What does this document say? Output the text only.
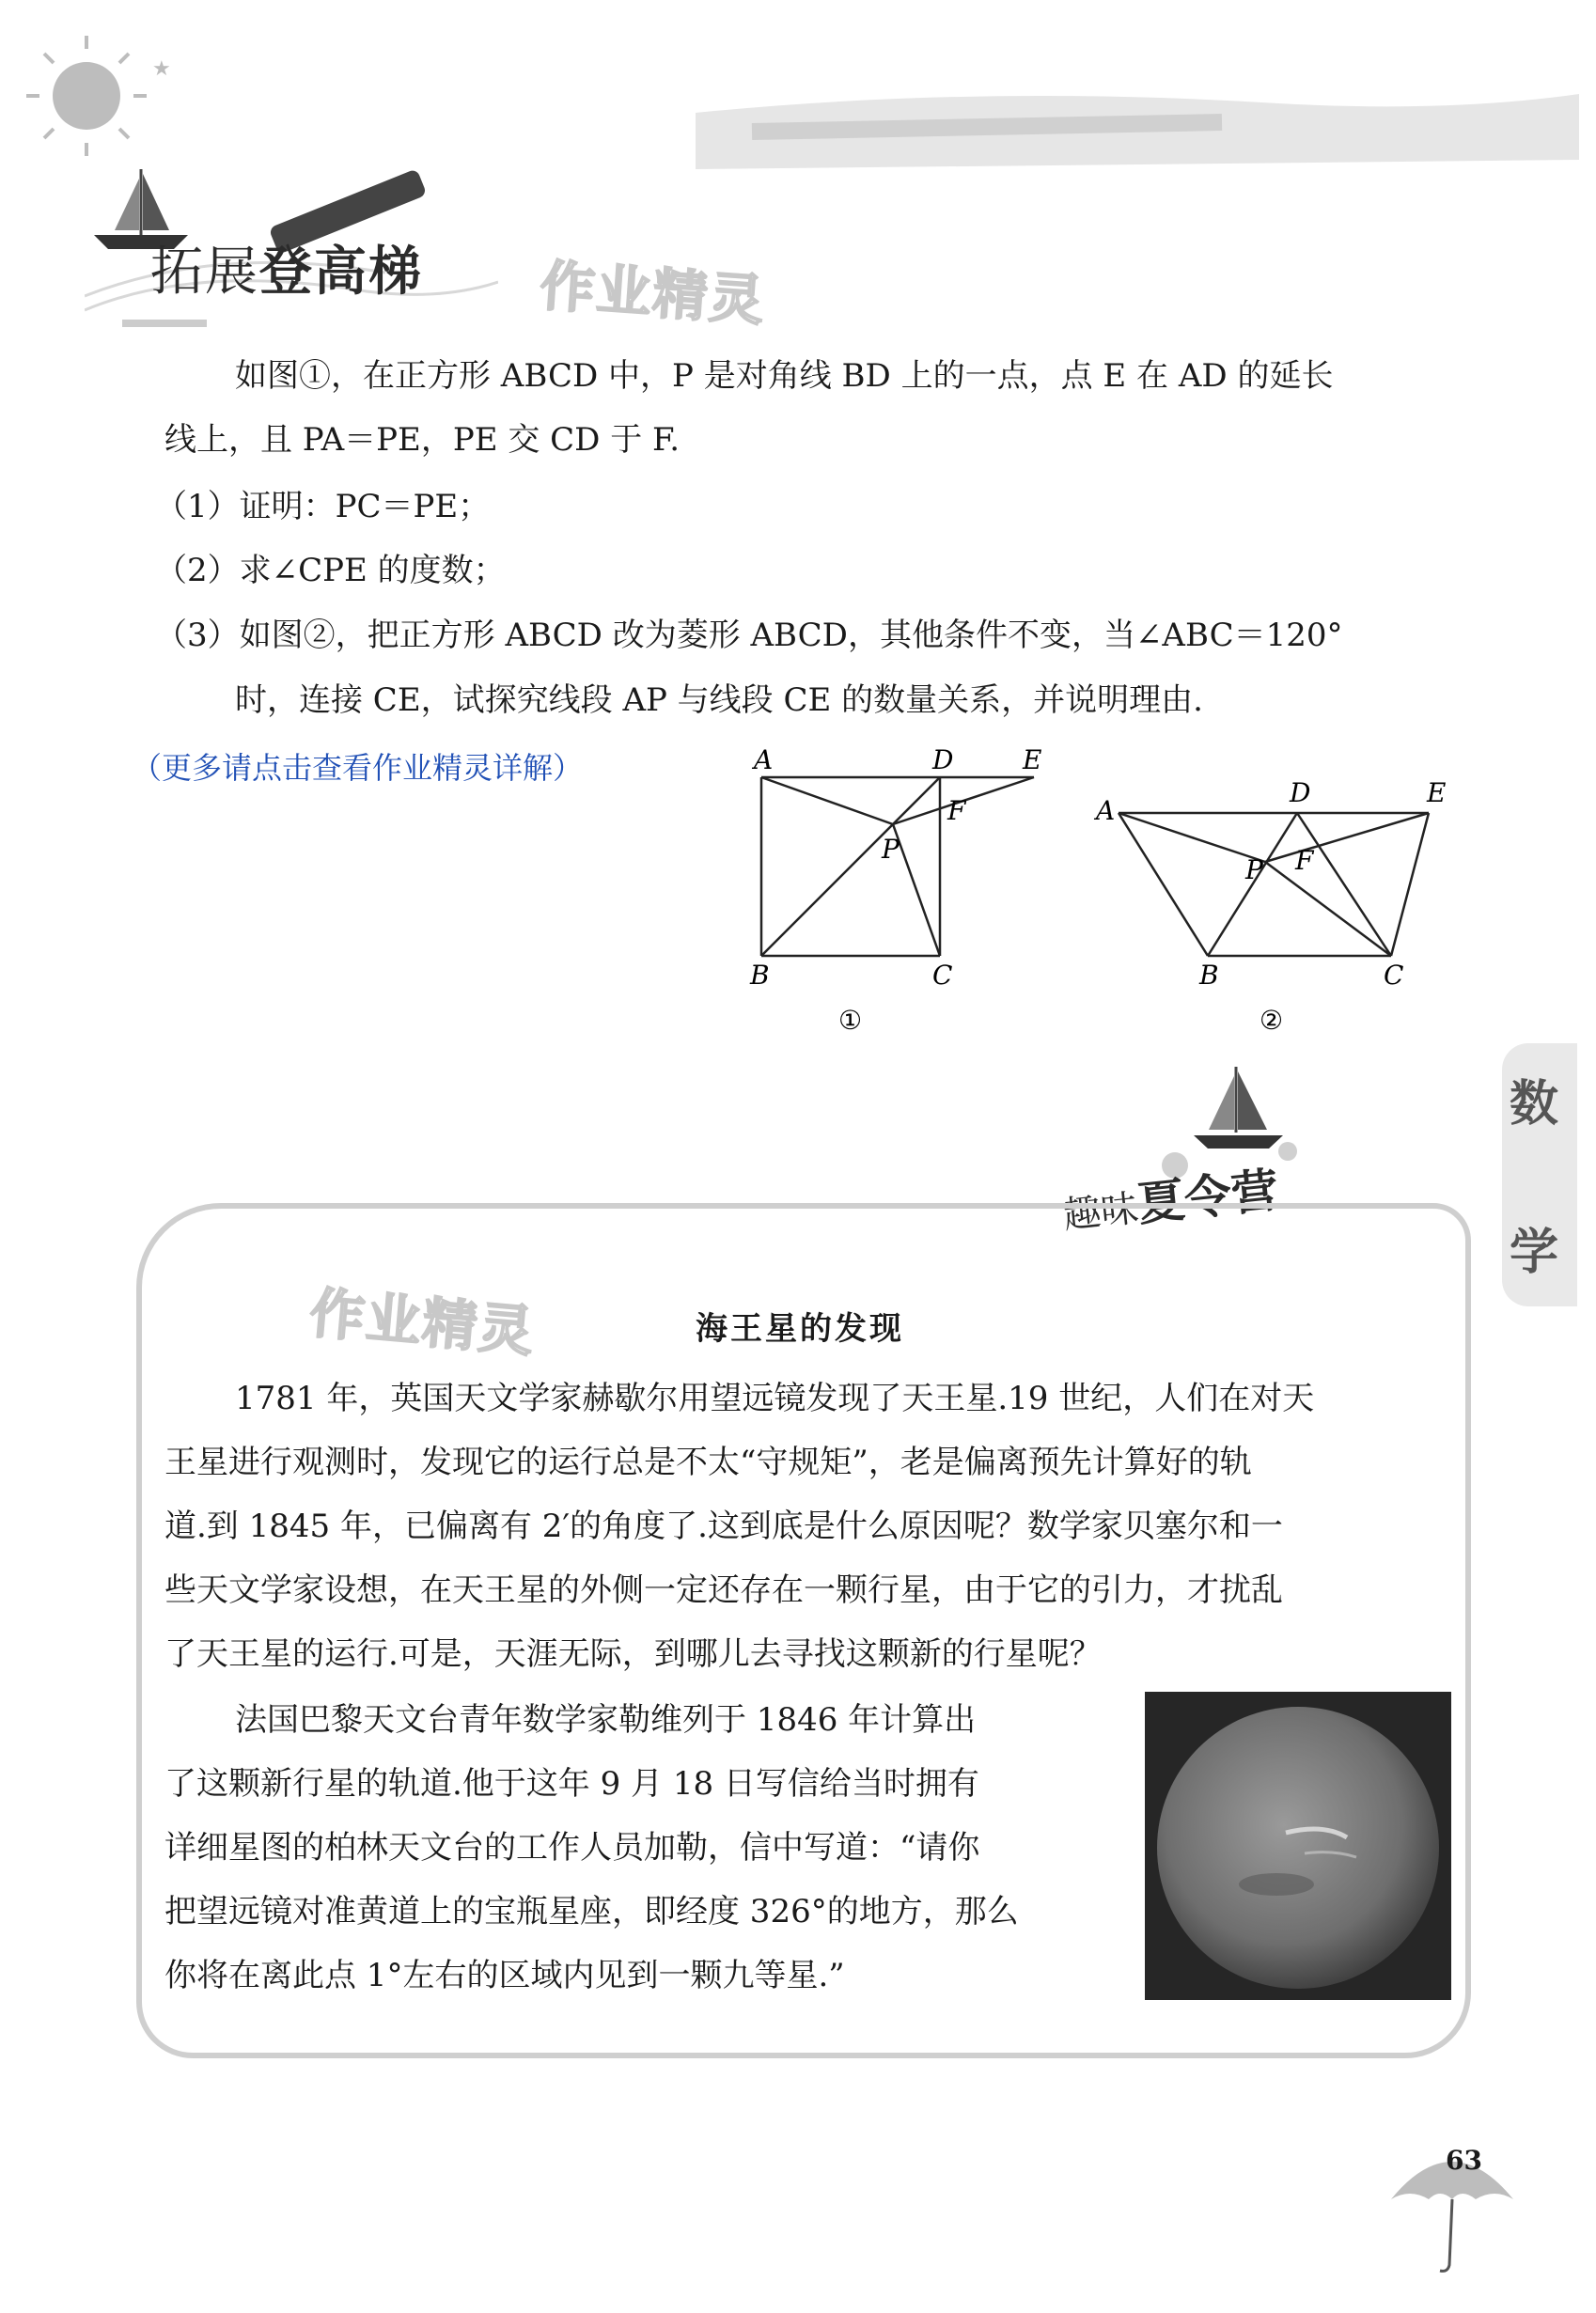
★
拓展登高梯 作业精灵
如图①，在正方形 ABCD 中，P 是对角线 BD 上的一点，点 E 在 AD 的延长
线上，且 PA＝PE，PE 交 CD 于 F.
（1）证明：PC＝PE；
（2）求∠CPE 的度数；
（3）如图②，把正方形 ABCD 改为菱形 ABCD，其他条件不变，当∠ABC＝120°
时，连接 CE，试探究线段 AP 与线段 CE 的数量关系，并说明理由.
（更多请点击查看作业精灵详解）	A	D	E
F
P
B	C
①
A
D	E
F
P
B	C
②
数
学
趣味夏令营
作业精灵	海王星的发现
1781 年，英国天文学家赫歇尔用望远镜发现了天王星.19 世纪，人们在对天
王星进行观测时，发现它的运行总是不太“守规矩”，老是偏离预先计算好的轨
道.到 1845 年，已偏离有 2′的角度了.这到底是什么原因呢？数学家贝塞尔和一
些天文学家设想，在天王星的外侧一定还存在一颗行星，由于它的引力，才扰乱
了天王星的运行.可是，天涯无际，到哪儿去寻找这颗新的行星呢？
法国巴黎天文台青年数学家勒维列于 1846 年计算出
了这颗新行星的轨道.他于这年 9 月 18 日写信给当时拥有
详细星图的柏林天文台的工作人员加勒，信中写道：“请你
把望远镜对准黄道上的宝瓶星座，即经度 326°的地方，那么
你将在离此点 1°左右的区域内见到一颗九等星.”
63
